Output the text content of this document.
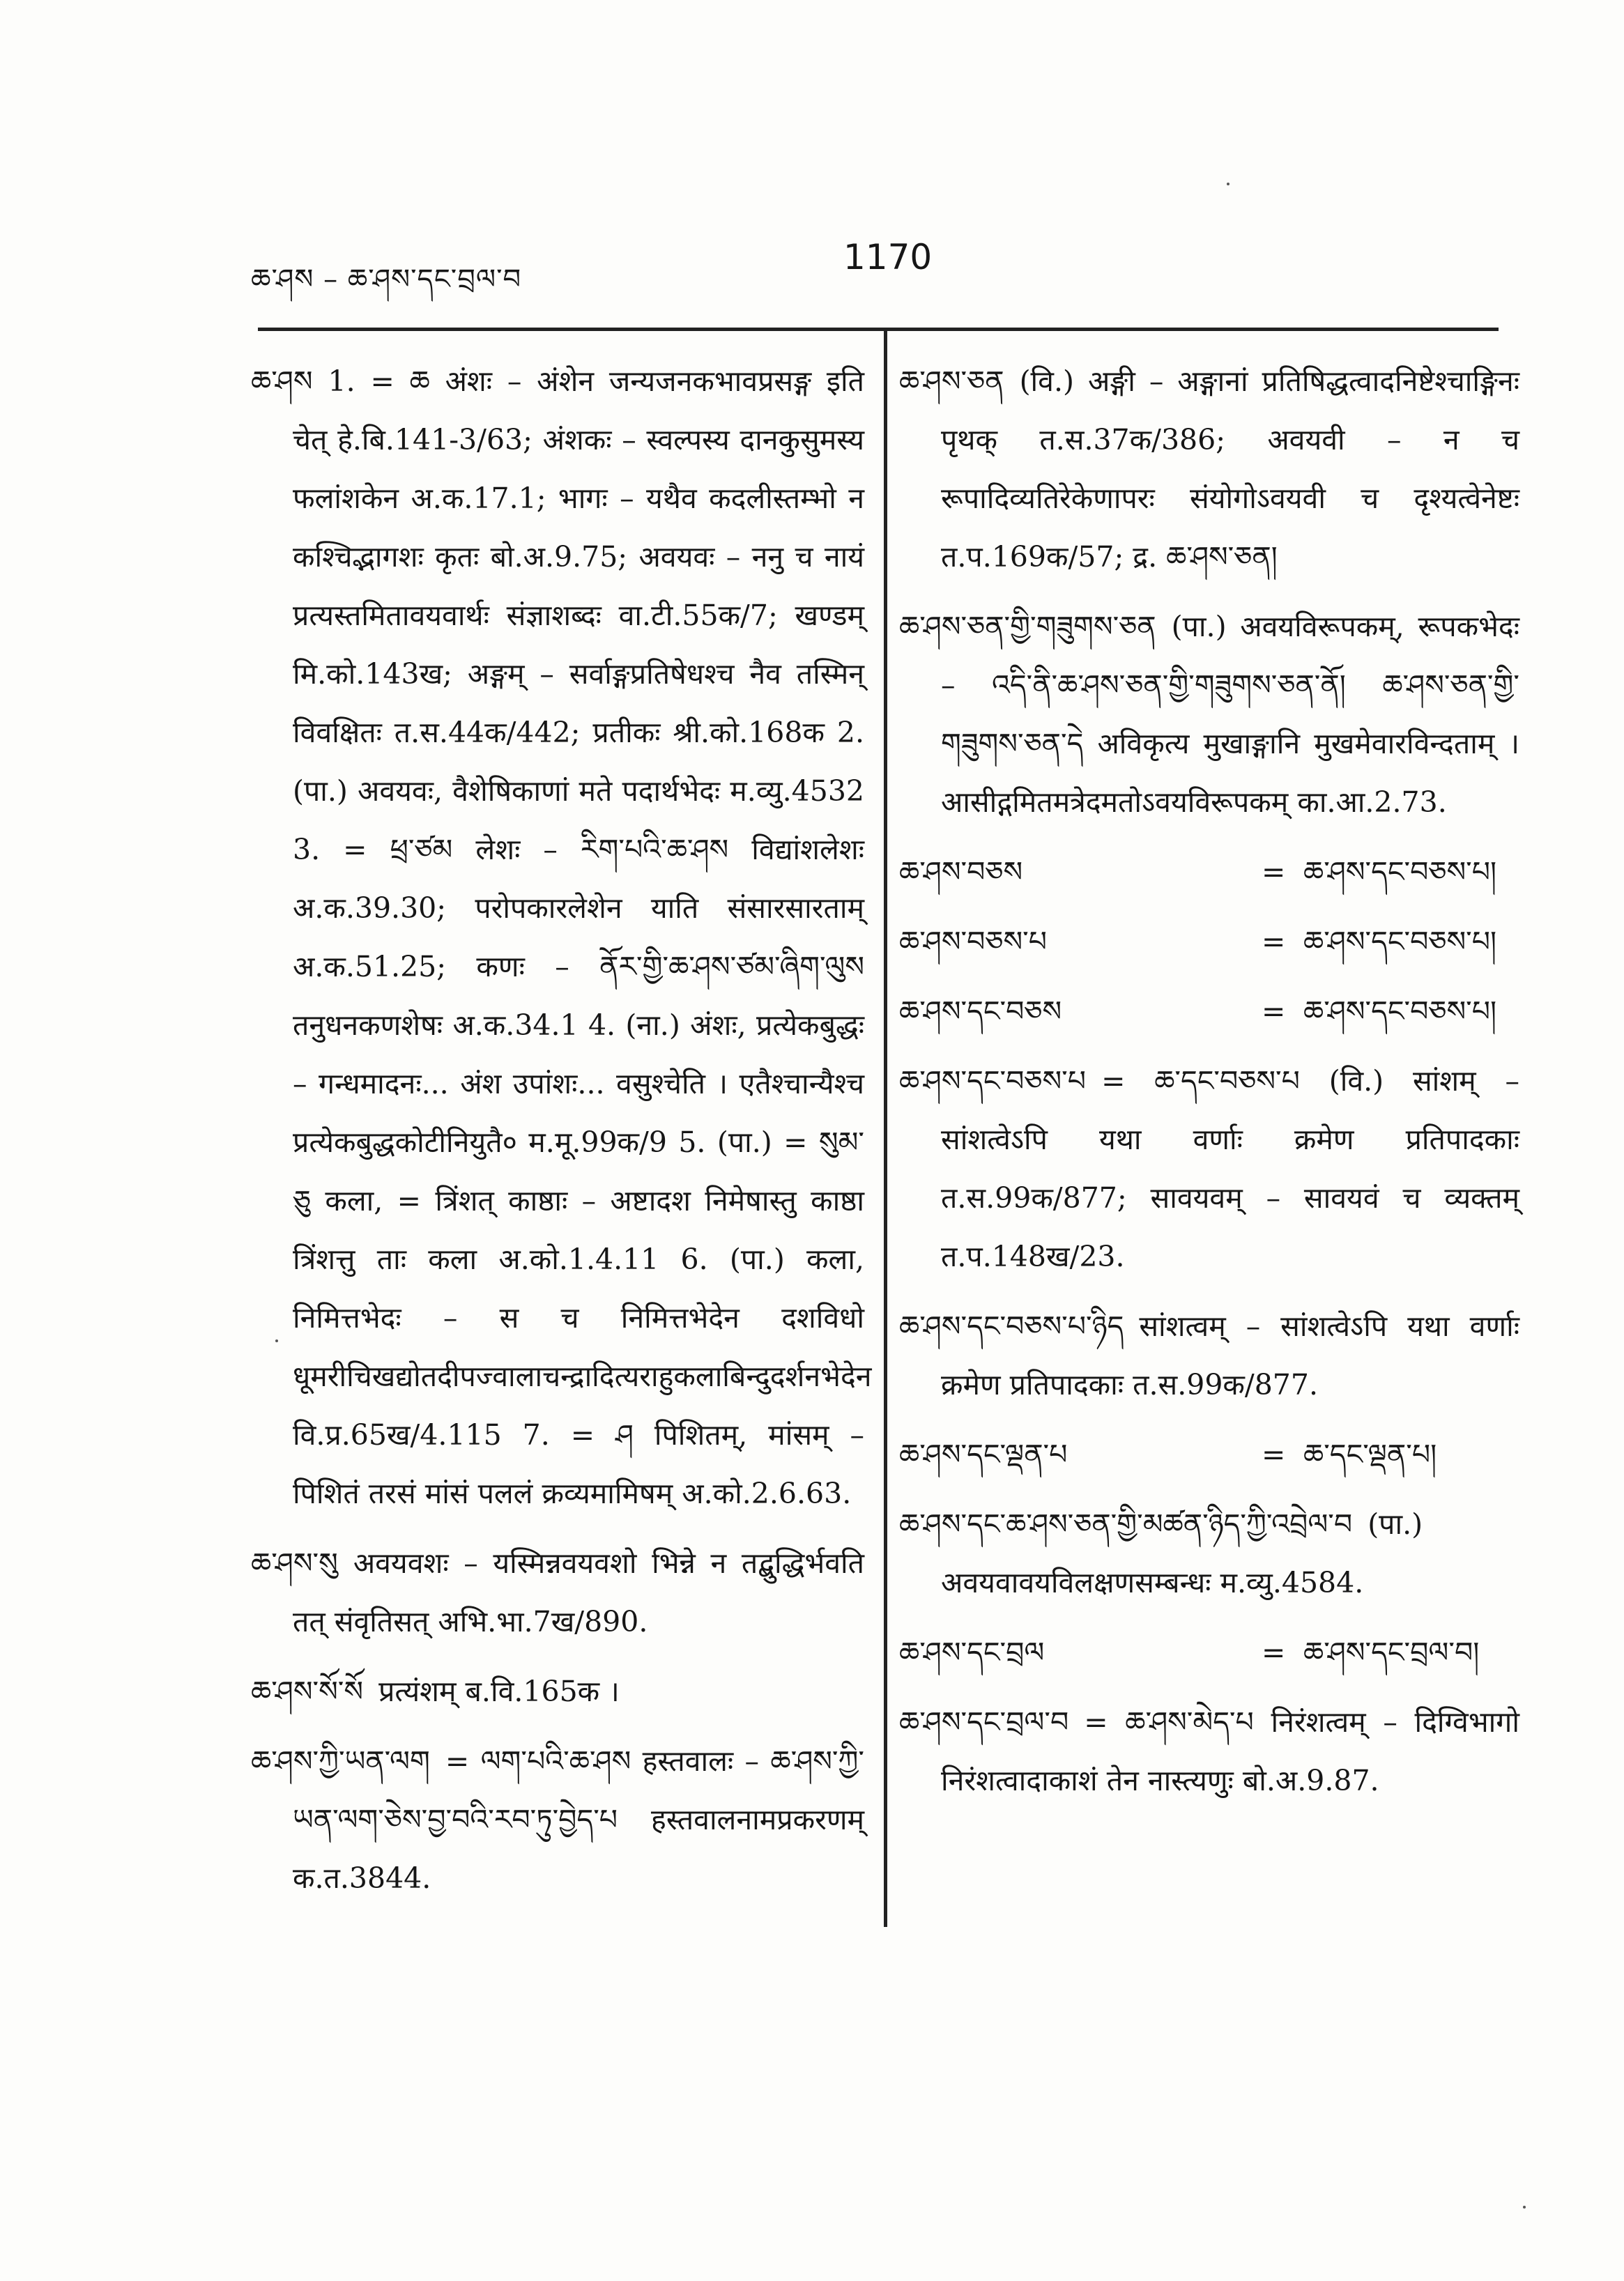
ཆ་ཤས – ཆ་ཤས་དང་བྲལ་བ
1170

ཆ་ཤས 1. = ཆ अंशः – अंशेन जन्यजनकभावप्रसङ्ग इति चेत् हे.बि.141-3/63; अंशकः – स्वल्पस्य दानकुसुमस्य फलांशकेन अ.क.17.1; भागः – यथैव कदलीस्तम्भो न कश्चिद्भागशः कृतः बो.अ.9.75; अवयवः – ननु च नायं प्रत्यस्तमितावयवार्थः संज्ञाशब्दः वा.टी.55क/7; खण्डम् मि.को.143ख; अङ्गम् – सर्वाङ्गप्रतिषेधश्च नैव तस्मिन् विवक्षितः त.स.44क/442; प्रतीकः श्री.को.168क 2. (पा.) अवयवः, वैशेषिकाणां मते पदार्थभेदः म.व्यु.4532 3. = ཕྲ་ཙམ लेशः – རིག་པའི་ཆ་ཤས विद्यांशलेशः अ.क.39.30; परोपकारलेशेन याति संसारसारताम् अ.क.51.25; कणः – ནོར་གྱི་ཆ་ཤས་ཙམ་ཞིག་ལུས तनुधनकणशेषः अ.क.34.1 4. (ना.) अंशः, प्रत्येकबुद्धः – गन्धमादनः... अंश उपांशः... वसुश्चेति । एतैश्चान्यैश्च प्रत्येकबुद्धकोटीनियुतै० म.मू.99क/9 5. (पा.) = སུམ་ཅུ कला, = त्रिंशत् काष्ठाः – अष्टादश निमेषास्तु काष्ठा त्रिंशत्तु ताः कला अ.को.1.4.11 6. (पा.) कला, निमित्तभेदः – स च निमित्तभेदेन दशविधो धूमरीचिखद्योतदीपज्वालाचन्द्रादित्यराहुकलाबिन्दुदर्शनभेदेन वि.प्र.65ख/4.115 7. = ཤ पिशितम्, मांसम् – पिशितं तरसं मांसं पललं क्रव्यमामिषम् अ.को.2.6.63.

ཆ་ཤས་སུ अवयवशः – यस्मिन्नवयवशो भिन्ने न तद्बुद्धिर्भवति तत् संवृतिसत् अभि.भा.7ख/890.

ཆ་ཤས་སོ་སོ प्रत्यंशम् ब.वि.165क ।

ཆ་ཤས་ཀྱི་ཡན་ལག = ལག་པའི་ཆ་ཤས हस्तवालः – ཆ་ཤས་ཀྱི་ཡན་ལག་ཅེས་བྱ་བའི་རབ་ཏུ་བྱེད་པ हस्तवालनामप्रकरणम् क.त.3844.

ཆ་ཤས་ཅན (वि.) अङ्गी – अङ्गानां प्रतिषिद्धत्वादनिष्टेश्चाङ्गिनः पृथक् त.स.37क/386; अवयवी – न च रूपादिव्यतिरेकेणापरः संयोगोऽवयवी च दृश्यत्वेनेष्टः त.प.169क/57; द्र. ཆ་ཤས་ཅན།

ཆ་ཤས་ཅན་གྱི་གཟུགས་ཅན (पा.) अवयविरूपकम्, रूपकभेदः – འདི་ནི་ཆ་ཤས་ཅན་གྱི་གཟུགས་ཅན་ནོ། ཆ་ཤས་ཅན་གྱི་གཟུགས་ཅན་དེ अविकृत्य मुखाङ्गानि मुखमेवारविन्दताम् । आसीद्गमितमत्रेदमतोऽवयविरूपकम् का.आ.2.73.

ཆ་ཤས་བཅས	= ཆ་ཤས་དང་བཅས་པ།
ཆ་ཤས་བཅས་པ	= ཆ་ཤས་དང་བཅས་པ།
ཆ་ཤས་དང་བཅས	= ཆ་ཤས་དང་བཅས་པ།

ཆ་ཤས་དང་བཅས་པ = ཆ་དང་བཅས་པ (वि.) सांशम् – सांशत्वेऽपि यथा वर्णाः क्रमेण प्रतिपादकाः त.स.99क/877; सावयवम् – सावयवं च व्यक्तम् त.प.148ख/23.

ཆ་ཤས་དང་བཅས་པ་ཉིད सांशत्वम् – सांशत्वेऽपि यथा वर्णाः क्रमेण प्रतिपादकाः त.स.99क/877.

ཆ་ཤས་དང་ལྡན་པ	= ཆ་དང་ལྡན་པ།

ཆ་ཤས་དང་ཆ་ཤས་ཅན་གྱི་མཚན་ཉིད་ཀྱི་འབྲེལ་བ (पा.) अवयवावयविलक्षणसम्बन्धः म.व्यु.4584.

ཆ་ཤས་དང་བྲལ	= ཆ་ཤས་དང་བྲལ་བ།

ཆ་ཤས་དང་བྲལ་བ = ཆ་ཤས་མེད་པ निरंशत्वम् – दिग्विभागो निरंशत्वादाकाशं तेन नास्त्यणुः बो.अ.9.87.
